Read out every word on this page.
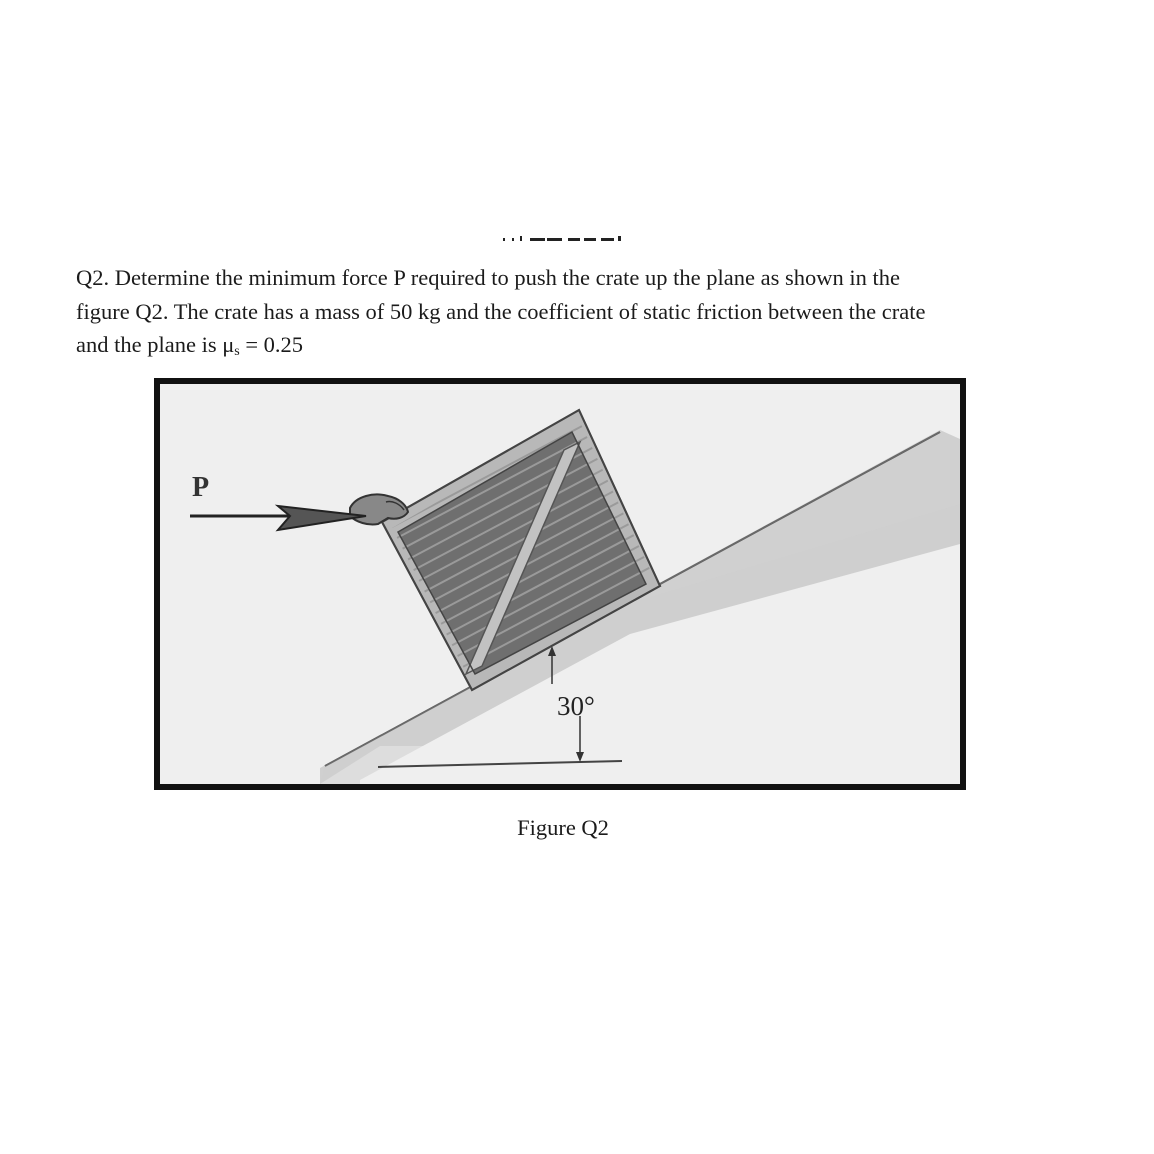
Q2. Determine the minimum force P required to push the crate up the plane as shown in the

figure Q2. The crate has a mass of 50 kg and the coefficient of static friction between the crate

and the plane is μs = 0.25

P
30°
Figure Q2
